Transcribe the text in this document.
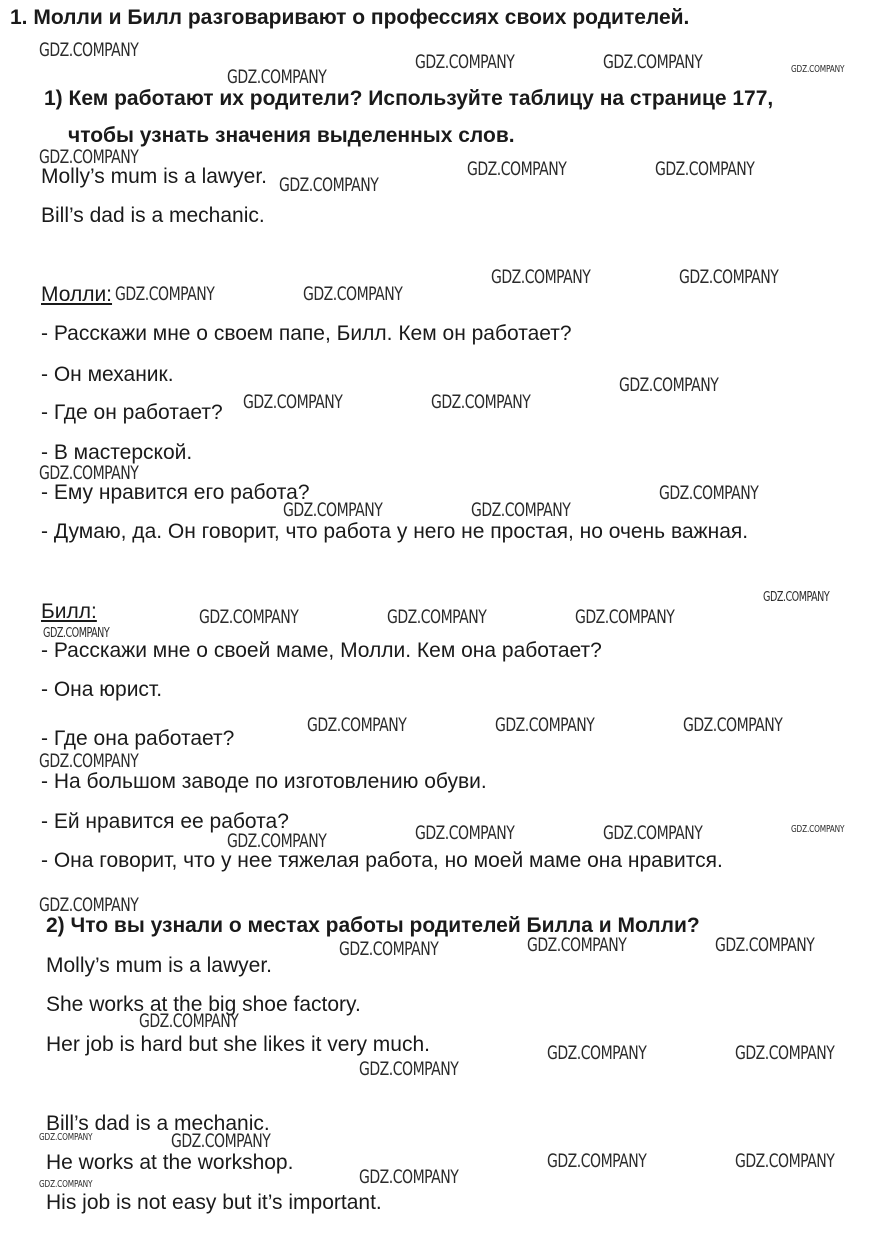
1. Молли и Билл разговаривают о профессиях своих родителей.
1) Кем работают их родители? Используйте таблицу на странице 177,
чтобы узнать значения выделенных слов.
Molly’s mum is a lawyer.
Bill’s dad is a mechanic.
Молли:
- Расскажи мне о своем папе, Билл. Кем он работает?
- Он механик.
- Где он работает?
- В мастерской.
- Ему нравится его работа?
- Думаю, да. Он говорит, что работа у него не простая, но очень важная.
Билл:
- Расскажи мне о своей маме, Молли. Кем она работает?
- Она юрист.
- Где она работает?
- На большом заводе по изготовлению обуви.
- Ей нравится ее работа?
- Она говорит, что у нее тяжелая работа, но моей маме она нравится.
2) Что вы узнали о местах работы родителей Билла и Молли?
Molly’s mum is a lawyer.
She works at the big shoe factory.
Her job is hard but she likes it very much.
Bill’s dad is a mechanic.
He works at the workshop.
His job is not easy but it’s important.
GDZ.COMPANY
GDZ.COMPANY
GDZ.COMPANY	GDZ.COMPANY	GDZ.COMPANY
GDZ.COMPANY
GDZ.COMPANY
GDZ.COMPANY	GDZ.COMPANY
GDZ.COMPANY	GDZ.COMPANY
GDZ.COMPANY	GDZ.COMPANY
GDZ.COMPANY	GDZ.COMPANY
GDZ.COMPANY
GDZ.COMPANY
GDZ.COMPANY	GDZ.COMPANY
GDZ.COMPANY
GDZ.COMPANY
GDZ.COMPANY	GDZ.COMPANY	GDZ.COMPANY
GDZ.COMPANY
GDZ.COMPANY	GDZ.COMPANY	GDZ.COMPANY
GDZ.COMPANY
GDZ.COMPANY	GDZ.COMPANY	GDZ.COMPANY	GDZ.COMPANY
GDZ.COMPANY
GDZ.COMPANY	GDZ.COMPANY	GDZ.COMPANY
GDZ.COMPANY
GDZ.COMPANY	GDZ.COMPANY
GDZ.COMPANY
GDZ.COMPANY	GDZ.COMPANY
GDZ.COMPANY	GDZ.COMPANY
GDZ.COMPANY
GDZ.COMPANY
